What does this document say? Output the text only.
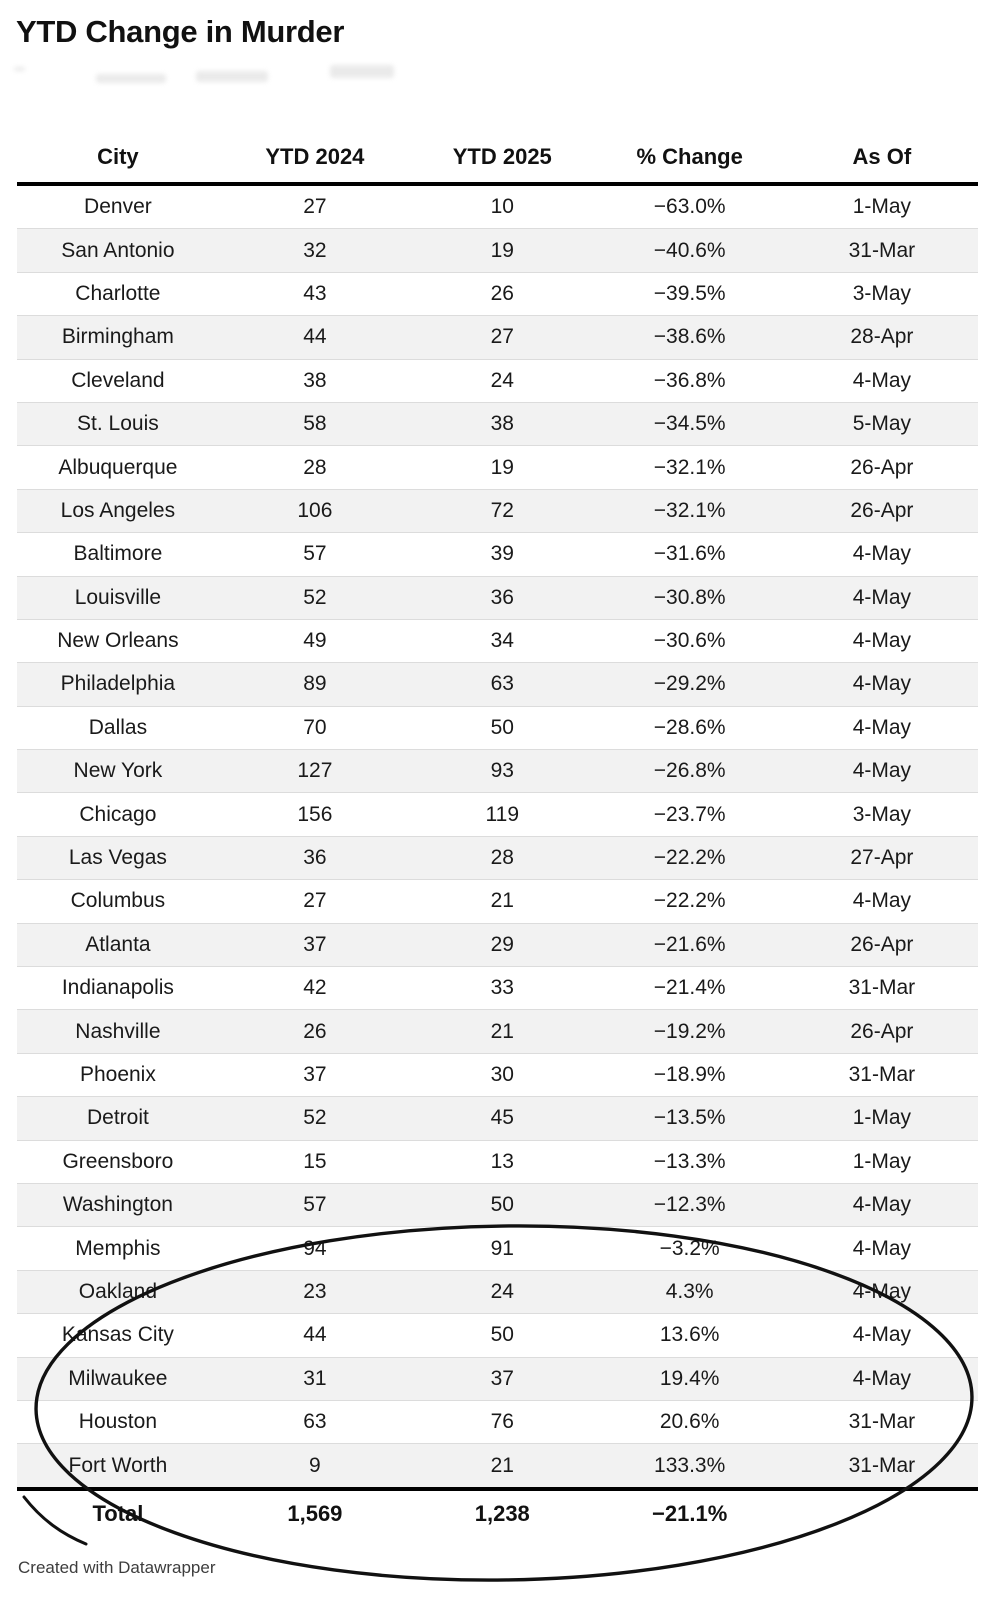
YTD Change in Murder
City	YTD 2024	YTD 2025	% Change	As Of
Denver	27	10	−63.0%	1-May
San Antonio	32	19	−40.6%	31-Mar
Charlotte	43	26	−39.5%	3-May
Birmingham	44	27	−38.6%	28-Apr
Cleveland	38	24	−36.8%	4-May
St. Louis	58	38	−34.5%	5-May
Albuquerque	28	19	−32.1%	26-Apr
Los Angeles	106	72	−32.1%	26-Apr
Baltimore	57	39	−31.6%	4-May
Louisville	52	36	−30.8%	4-May
New Orleans	49	34	−30.6%	4-May
Philadelphia	89	63	−29.2%	4-May
Dallas	70	50	−28.6%	4-May
New York	127	93	−26.8%	4-May
Chicago	156	119	−23.7%	3-May
Las Vegas	36	28	−22.2%	27-Apr
Columbus	27	21	−22.2%	4-May
Atlanta	37	29	−21.6%	26-Apr
Indianapolis	42	33	−21.4%	31-Mar
Nashville	26	21	−19.2%	26-Apr
Phoenix	37	30	−18.9%	31-Mar
Detroit	52	45	−13.5%	1-May
Greensboro	15	13	−13.3%	1-May
Washington	57	50	−12.3%	4-May
Memphis	94	91	−3.2%	4-May
Oakland	23	24	4.3%	4-May
Kansas City	44	50	13.6%	4-May
Milwaukee	31	37	19.4%	4-May
Houston	63	76	20.6%	31-Mar
Fort Worth	9	21	133.3%	31-Mar
Total	1,569	1,238	−21.1%	
Created with Datawrapper
